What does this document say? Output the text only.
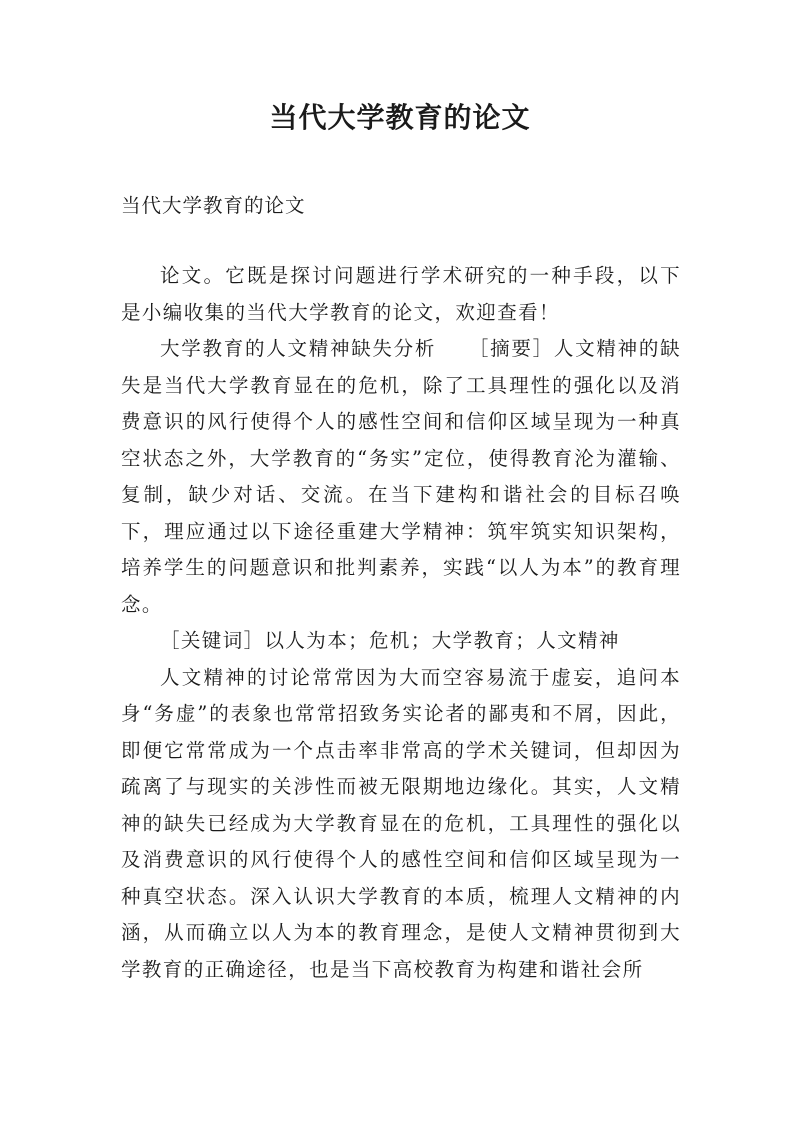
当代大学教育的论文
当代大学教育的论文

论文。它既是探讨问题进行学术研究的一种手段，以下是小编收集的当代大学教育的论文，欢迎查看！

大学教育的人文精神缺失分析　　［摘要］人文精神的缺失是当代大学教育显在的危机，除了工具理性的强化以及消费意识的风行使得个人的感性空间和信仰区域呈现为一种真空状态之外，大学教育的“务实”定位，使得教育沦为灌输、复制，缺少对话、交流。在当下建构和谐社会的目标召唤下，理应通过以下途径重建大学精神：筑牢筑实知识架构，培养学生的问题意识和批判素养，实践“以人为本”的教育理念。

［关键词］以人为本；危机；大学教育；人文精神

人文精神的讨论常常因为大而空容易流于虚妄，追问本身“务虚”的表象也常常招致务实论者的鄙夷和不屑，因此，即便它常常成为一个点击率非常高的学术关键词，但却因为疏离了与现实的关涉性而被无限期地边缘化。其实，人文精神的缺失已经成为大学教育显在的危机，工具理性的强化以及消费意识的风行使得个人的感性空间和信仰区域呈现为一种真空状态。深入认识大学教育的本质，梳理人文精神的内涵，从而确立以人为本的教育理念，是使人文精神贯彻到大学教育的正确途径，也是当下高校教育为构建和谐社会所
